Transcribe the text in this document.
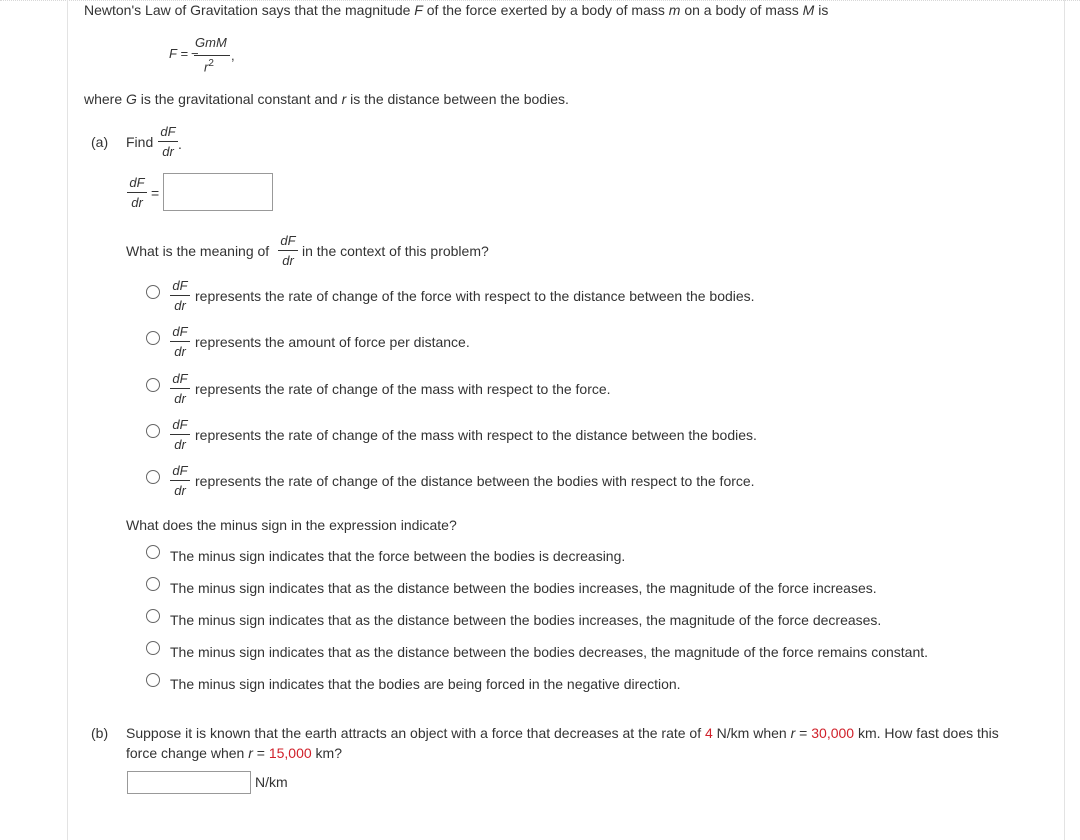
Newton's Law of Gravitation says that the magnitude F of the force exerted by a body of mass m on a body of mass M is
F = −
GmM
$r^2$
,
where G is the gravitational constant and r is the distance between the bodies.
(a) Find
dF
dr .
dF
dr
=
What is the meaning of
dF
dr
in the context of this problem?
dF
dr
represents the rate of change of the force with respect to the distance between the bodies.
dF
dr
represents the amount of force per distance.
dF
dr
represents the rate of change of the mass with respect to the force.
dF
dr
represents the rate of change of the mass with respect to the distance between the bodies.
dF
dr
represents the rate of change of the distance between the bodies with respect to the force.
What does the minus sign in the expression indicate?
The minus sign indicates that the force between the bodies is decreasing.
The minus sign indicates that as the distance between the bodies increases, the magnitude of the force increases.
The minus sign indicates that as the distance between the bodies increases, the magnitude of the force decreases.
The minus sign indicates that as the distance between the bodies decreases, the magnitude of the force remains constant.
The minus sign indicates that the bodies are being forced in the negative direction.
(b) Suppose it is known that the earth attracts an object with a force that decreases at the rate of 4 N/km when r = 30,000 km. How fast does this
force change when r = 15,000 km?
N/km
